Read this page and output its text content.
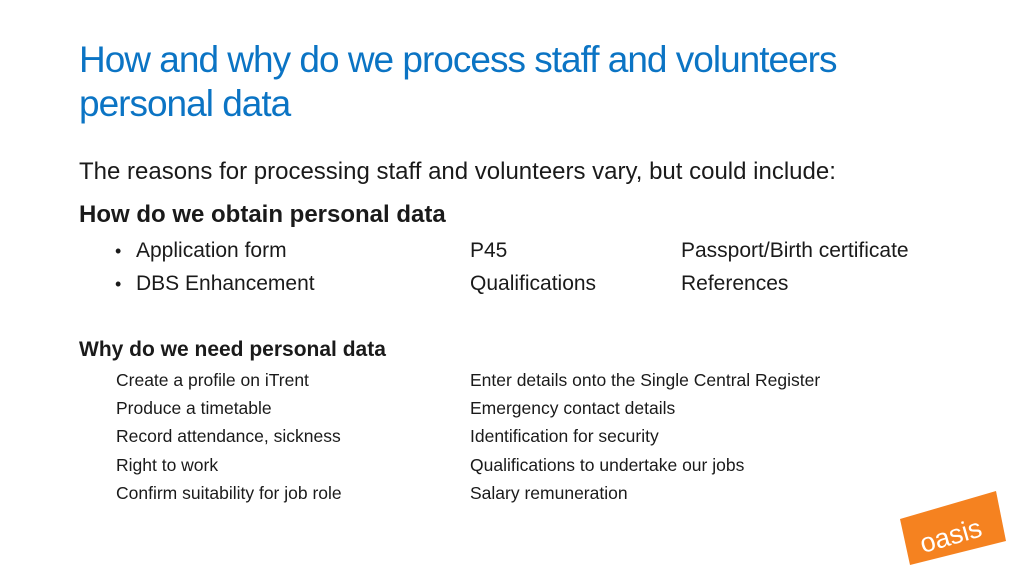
How and why do we process staff and volunteers personal data
The reasons for processing staff and volunteers vary, but could include:
How do we obtain personal data
• Application form	P45	Passport/Birth certificate
• DBS Enhancement	Qualifications	References
Why do we need personal data
Create a profile on iTrent	Enter details onto the Single Central Register
Produce a timetable	Emergency contact details
Record attendance, sickness	Identification for security
Right to work	Qualifications to undertake our jobs
Confirm suitability for job role	Salary remuneration
oasis
